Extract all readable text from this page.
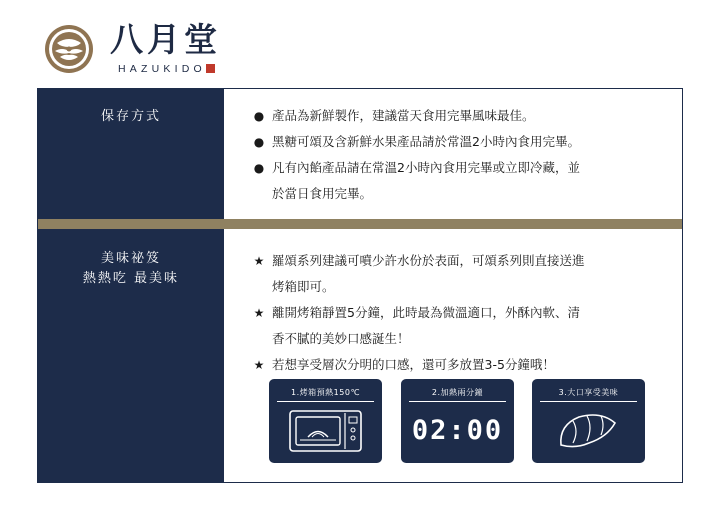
八月堂
HAZUKIDO
保存方式	● 產品為新鮮製作，建議當天食用完畢風味最佳。
● 黑糖可頌及含新鮮水果產品請於常溫2小時內食用完畢。
● 凡有內餡產品請在常溫2小時內食用完畢或立即冷藏，並
於當日食用完畢。
美味祕笈
熱熱吃 最美味
★ 羅頌系列建議可噴少許水份於表面，可頌系列則直接送進
烤箱即可。
★ 離開烤箱靜置5分鐘，此時最為微溫適口，外酥內軟、清
香不膩的美妙口感誕生！
★ 若想享受層次分明的口感，還可多放置3-5分鐘哦！
1.烤箱預熱150℃	2.加熱兩分鐘
02:00
3.大口享受美味
